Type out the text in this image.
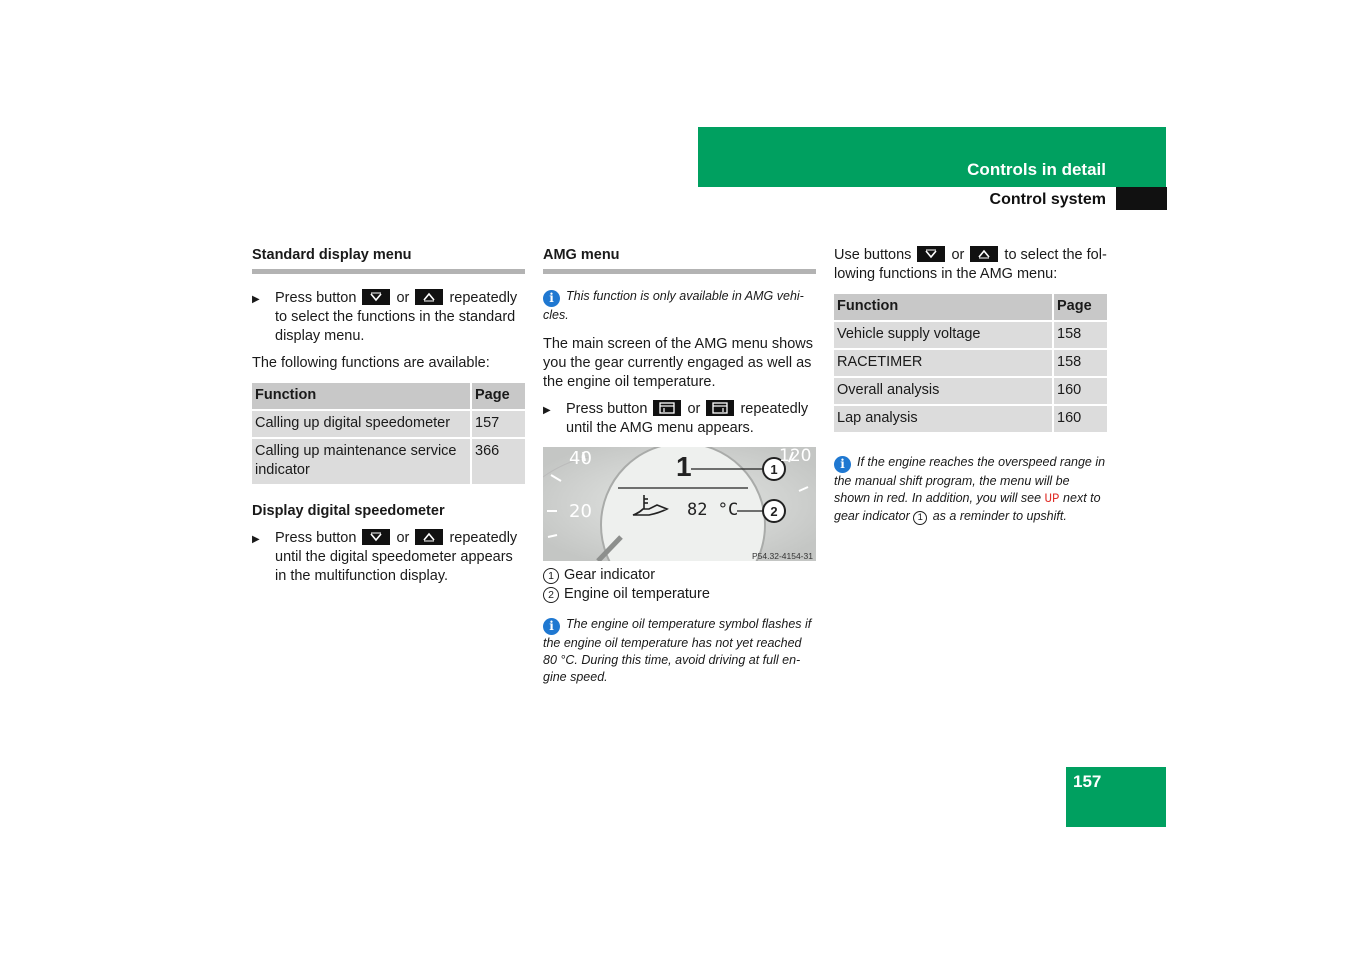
Controls in detail
Control system
Standard display menu

▶ Press button	or	repeatedly to select the functions in the standard display menu.

The following functions are available:

Function	Page
Calling up digital speedometer	157
Calling up maintenance service indicator	366
Display digital speedometer

▶ Press button	or	repeatedly until the digital speedometer appears in the multifunction display.

AMG menu

i This function is only available in AMG vehi-cles.

The main screen of the AMG menu shows you the gear currently engaged as well as the engine oil temperature.

▶ Press button	or	repeatedly until the AMG menu appears.

40
20
120
1
82 °C
1
2
P54.32-4154-31

1 Gear indicator

2 Engine oil temperature

i The engine oil temperature symbol flashes if the engine oil temperature has not yet reached 80 °C. During this time, avoid driving at full en-gine speed.

Use buttons	or	to select the fol-lowing functions in the AMG menu:

Function	Page
Vehicle supply voltage	158
RACETIMER	158
Overall analysis	160
Lap analysis	160

i If the engine reaches the overspeed range in the manual shift program, the menu will be shown in red. In addition, you will see UP next to gear indicator 1 as a reminder to upshift.

157
